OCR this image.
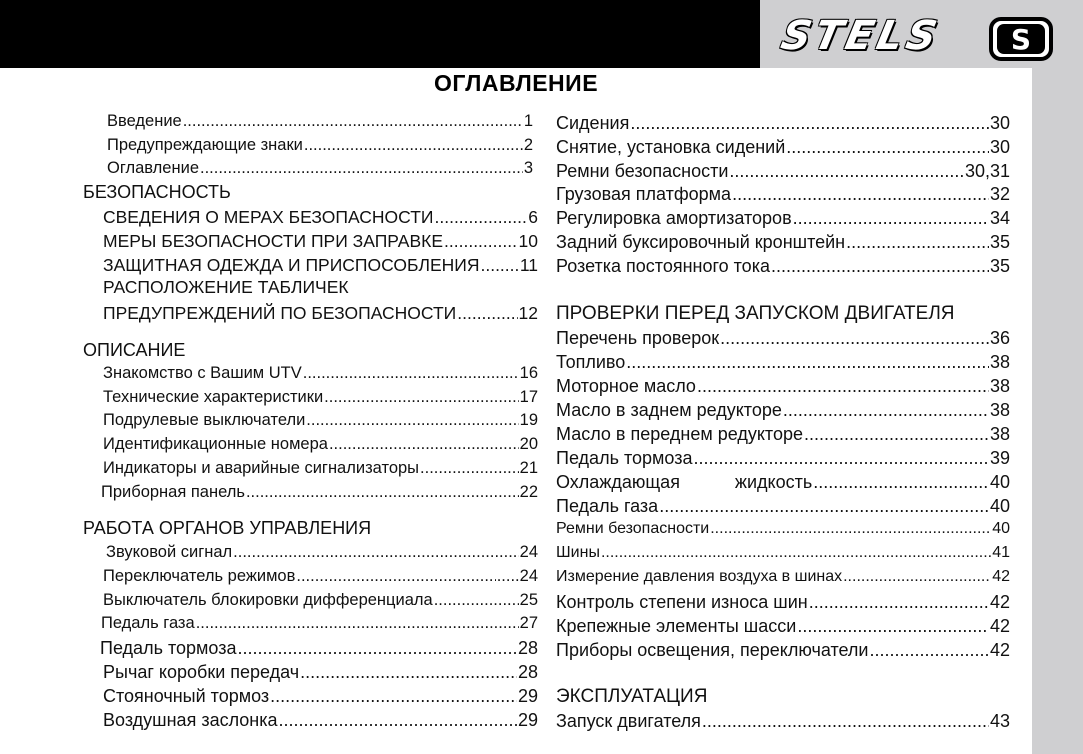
STELS	S
ОГЛАВЛЕНИЕ
Введение .....	1
Предупреждающие знаки .....	2
Оглавление .....	3
БЕЗОПАСНОСТЬ
СВЕДЕНИЯ О МЕРАХ БЕЗОПАСНОСТИ .....	6
МЕРЫ БЕЗОПАСНОСТИ ПРИ ЗАПРАВКЕ .....	10
ЗАЩИТНАЯ ОДЕЖДА И ПРИСПОСОБЛЕНИЯ ..... 11
РАСПОЛОЖЕНИЕ ТАБЛИЧЕК
ПРЕДУПРЕЖДЕНИЙ ПО БЕЗОПАСНОСТИ .....	12
ОПИСАНИЕ
Знакомство с Вашим UTV .....	16
Технические характеристики .....	17
Подрулевые выключатели .....	19
Идентификационные номера .....	20
Индикаторы и аварийные сигнализаторы .....	21
Приборная панель .....	22
РАБОТА ОРГАНОВ УПРАВЛЕНИЯ
Звуковой сигнал .....	24
Переключатель режимов .....	.....24
Выключатель блокировки дифференциала .....	25
Педаль газа .....	27
Педаль тормоза .....	28
Рычаг коробки передач .....	28
Стояночный тормоз .....	29
Воздушная заслонка .....	29
Сидения .....	30
Снятие, установка сидений .....	30
Ремни безопасности .....	30,31
Грузовая платформа .....	32
Регулировка амортизаторов .....	34
Задний буксировочный кронштейн .....	35
Розетка постоянного тока .....	35
ПРОВЕРКИ ПЕРЕД ЗАПУСКОМ ДВИГАТЕЛЯ
Перечень проверок .....	36
Топливо .....	38
Моторное масло .....	38
Масло в заднем редукторе .....	38
Масло в переднем редукторе .....	38
Педаль тормоза .....	39
Охлаждающая жидкость .....	40
Педаль газа .....	40
Ремни безопасности .....	40
Шины .....	41
Измерение давления воздуха в шинах .....	42
Контроль степени износа шин .....	42
Крепежные элементы шасси .....	42
Приборы освещения, переключатели .....	42
ЭКСПЛУАТАЦИЯ
Запуск двигателя .....	43
